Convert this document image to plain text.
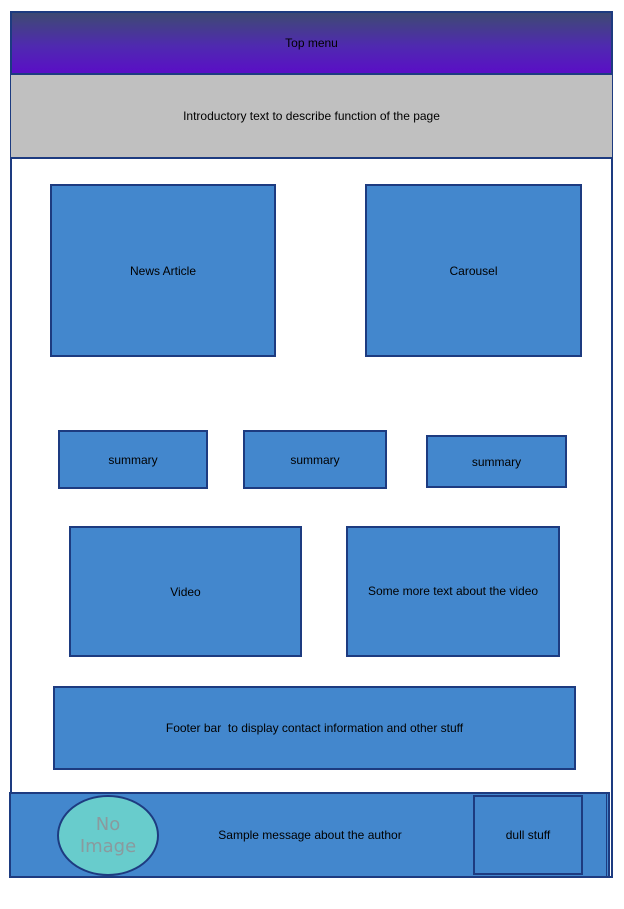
Top menu
Introductory text to describe function of the page
News Article	Carousel
summary	summary	summary
Video	Some more text about the video
Footer bar  to display contact information and other stuff
No Image
Sample message about the author	dull stuff
